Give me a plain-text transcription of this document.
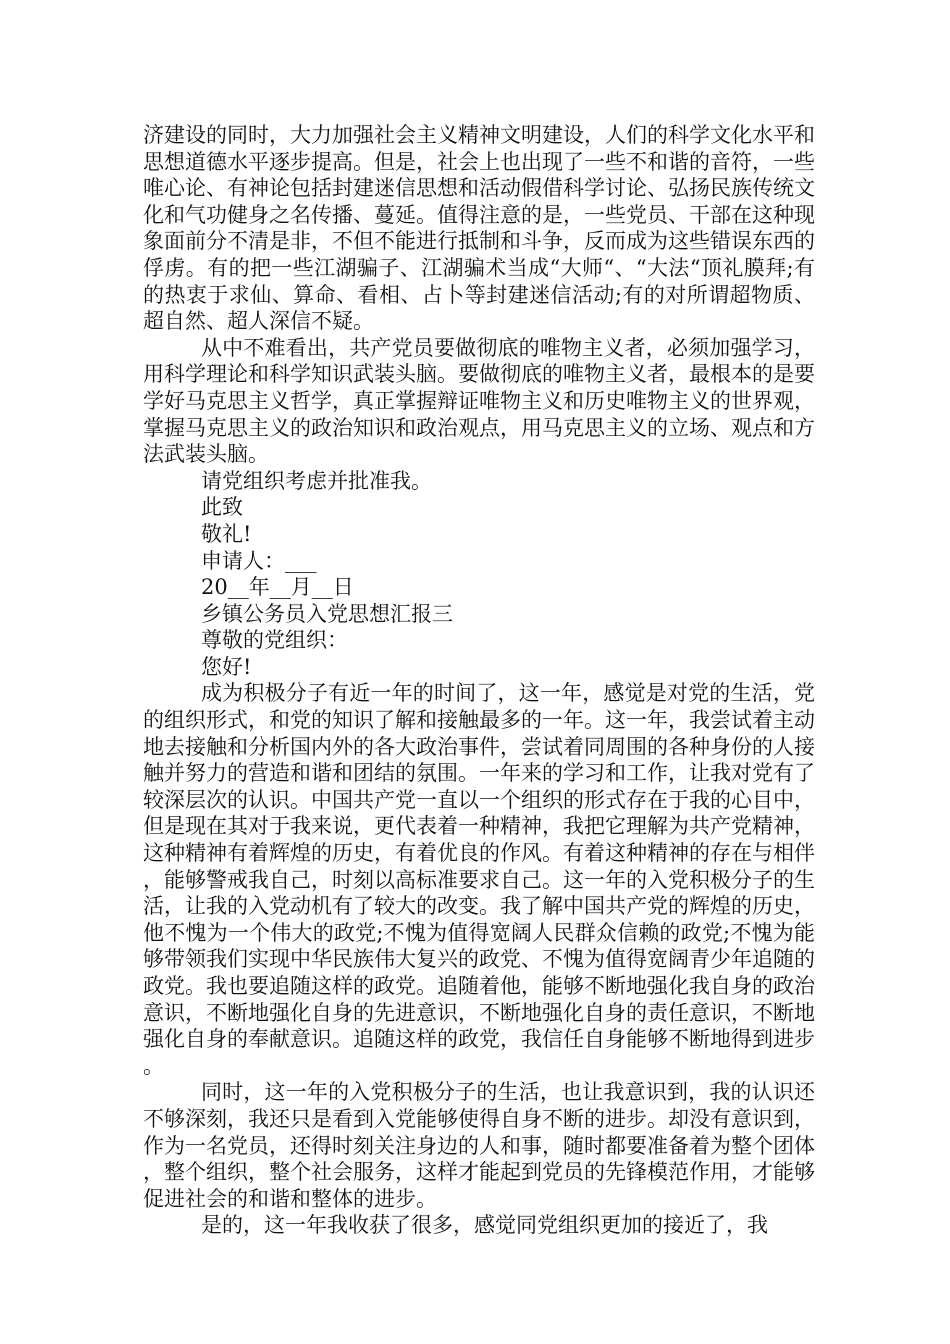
济建设的同时，大力加强社会主义精神文明建设，人们的科学文化水平和思想道德水平逐步提高。但是，社会上也出现了一些不和谐的音符，一些唯心论、有神论包括封建迷信思想和活动假借科学讨论、弘扬民族传统文化和气功健身之名传播、蔓延。值得注意的是，一些党员、干部在这种现象面前分不清是非，不但不能进行抵制和斗争，反而成为这些错误东西的俘虏。有的把一些江湖骗子、江湖骗术当成“大师“、“大法“顶礼膜拜;有的热衷于求仙、算命、看相、占卜等封建迷信活动;有的对所谓超物质、超自然、超人深信不疑。

从中不难看出，共产党员要做彻底的唯物主义者，必须加强学习，用科学理论和科学知识武装头脑。要做彻底的唯物主义者，最根本的是要学好马克思主义哲学，真正掌握辩证唯物主义和历史唯物主义的世界观，掌握马克思主义的政治知识和政治观点，用马克思主义的立场、观点和方法武装头脑。

请党组织考虑并批准我。

此致

敬礼!

申请人：___

20__年__月__日

乡镇公务员入党思想汇报三

尊敬的党组织：

您好!

成为积极分子有近一年的时间了，这一年，感觉是对党的生活，党的组织形式，和党的知识了解和接触最多的一年。这一年，我尝试着主动地去接触和分析国内外的各大政治事件，尝试着同周围的各种身份的人接触并努力的营造和谐和团结的氛围。一年来的学习和工作，让我对党有了较深层次的认识。中国共产党一直以一个组织的形式存在于我的心目中，但是现在其对于我来说，更代表着一种精神，我把它理解为共产党精神，这种精神有着辉煌的历史，有着优良的作风。有着这种精神的存在与相伴，能够警戒我自己，时刻以高标准要求自己。这一年的入党积极分子的生活，让我的入党动机有了较大的改变。我了解中国共产党的辉煌的历史，他不愧为一个伟大的政党;不愧为值得宽阔人民群众信赖的政党;不愧为能够带领我们实现中华民族伟大复兴的政党、不愧为值得宽阔青少年追随的政党。我也要追随这样的政党。追随着他，能够不断地强化我自身的政治意识，不断地强化自身的先进意识，不断地强化自身的责任意识，不断地强化自身的奉献意识。追随这样的政党，我信任自身能够不断地得到进步。

同时，这一年的入党积极分子的生活，也让我意识到，我的认识还不够深刻，我还只是看到入党能够使得自身不断的进步。却没有意识到，作为一名党员，还得时刻关注身边的人和事，随时都要准备着为整个团体，整个组织，整个社会服务，这样才能起到党员的先锋模范作用，才能够促进社会的和谐和整体的进步。

是的，这一年我收获了很多，感觉同党组织更加的接近了，我
